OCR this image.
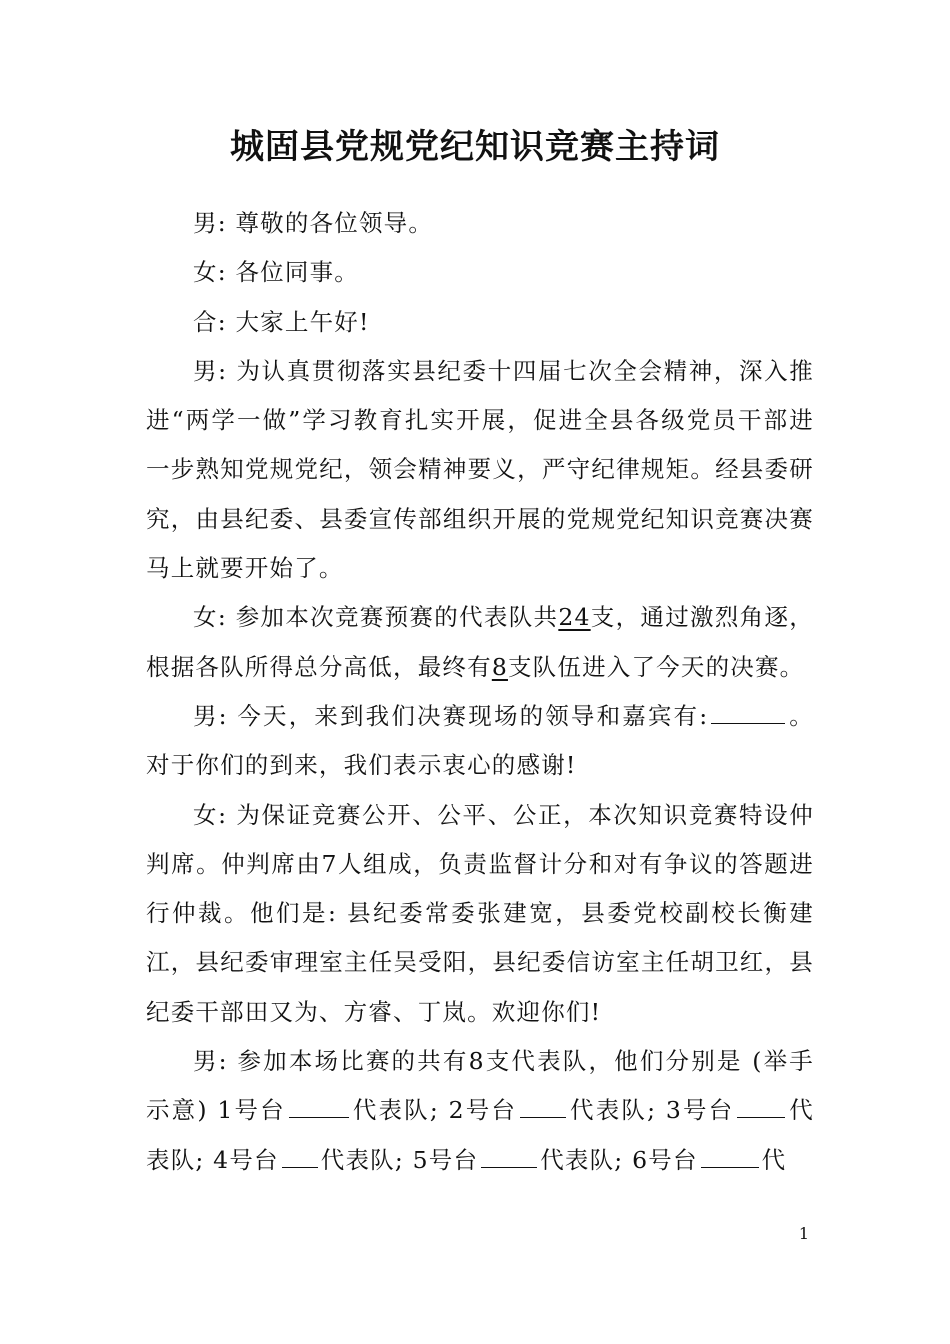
城固县党规党纪知识竞赛主持词

男: 尊敬的各位领导。

女: 各位同事。

合: 大家上午好!

男: 为认真贯彻落实县纪委十四届七次全会精神，深入推进“两学一做”学习教育扎实开展，促进全县各级党员干部进一步熟知党规党纪，领会精神要义，严守纪律规矩。经县委研究，由县纪委、县委宣传部组织开展的党规党纪知识竞赛决赛马上就要开始了。

女: 参加本次竞赛预赛的代表队共24支，通过激烈角逐，根据各队所得总分高低，最终有8支队伍进入了今天的决赛。

男: 今天，来到我们决赛现场的领导和嘉宾有:	。对于你们的到来，我们表示衷心的感谢!

女: 为保证竞赛公开、公平、公正，本次知识竞赛特设仲判席。仲判席由7人组成，负责监督计分和对有争议的答题进行仲裁。他们是: 县纪委常委张建宽，县委党校副校长衡建江，县纪委审理室主任吴受阳，县纪委信访室主任胡卫红，县纪委干部田又为、方睿、丁岚。欢迎你们!

男: 参加本场比赛的共有8支代表队，他们分别是 (举手示意) 1号台	代表队; 2号台 代表队; 3号台 代表队; 4号台 代表队; 5号台	代表队; 6号台	代

1
